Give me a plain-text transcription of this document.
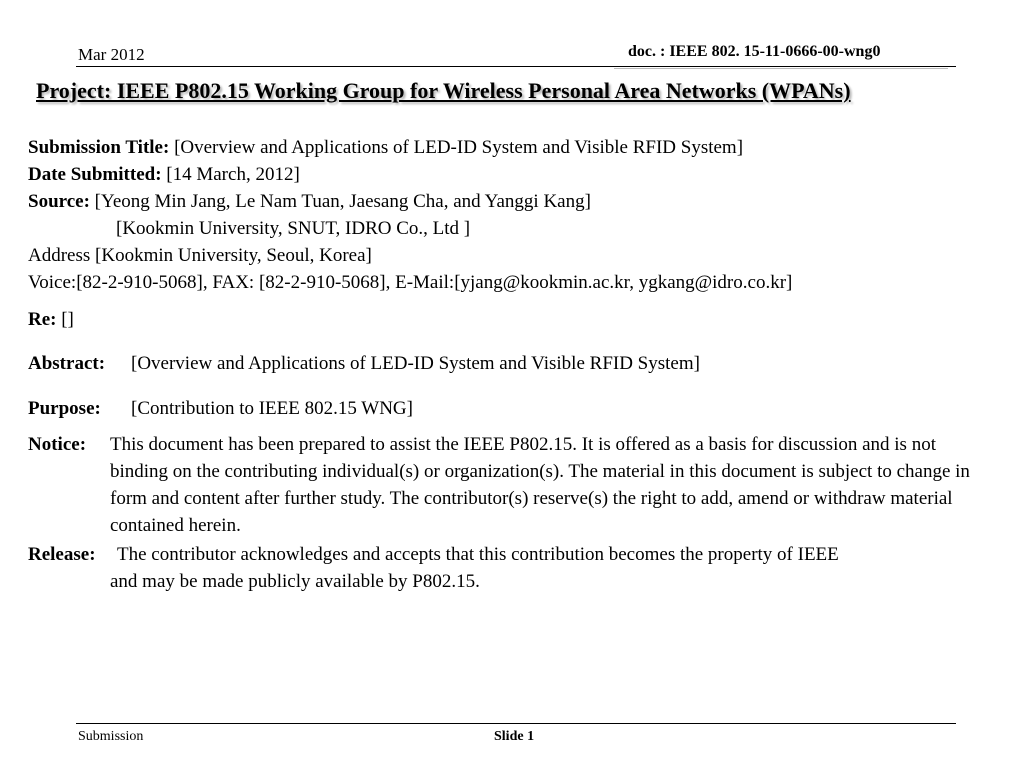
Mar 2012	doc. : IEEE 802. 15-11-0666-00-wng0
Project: IEEE P802.15 Working Group for Wireless Personal Area Networks (WPANs)
Submission Title: [Overview and Applications of LED-ID System and Visible RFID System]
Date Submitted: [14 March, 2012]
Source: [Yeong Min Jang, Le Nam Tuan, Jaesang Cha, and Yanggi Kang]
[Kookmin University, SNUT, IDRO Co., Ltd ]
Address [Kookmin University, Seoul, Korea]
Voice:[82-2-910-5068], FAX: [82-2-910-5068], E-Mail:[yjang@kookmin.ac.kr, ygkang@idro.co.kr]
Re: []
Abstract: [Overview and Applications of LED-ID System and Visible RFID System]
Purpose: [Contribution to IEEE 802.15 WNG]
Notice: This document has been prepared to assist the IEEE P802.15. It is offered as a basis for discussion and is not binding on the contributing individual(s) or organization(s). The material in this document is subject to change in form and content after further study. The contributor(s) reserve(s) the right to add, amend or withdraw material contained herein.
Release: The contributor acknowledges and accepts that this contribution becomes the property of IEEE
and may be made publicly available by P802.15.
Submission	Slide 1
